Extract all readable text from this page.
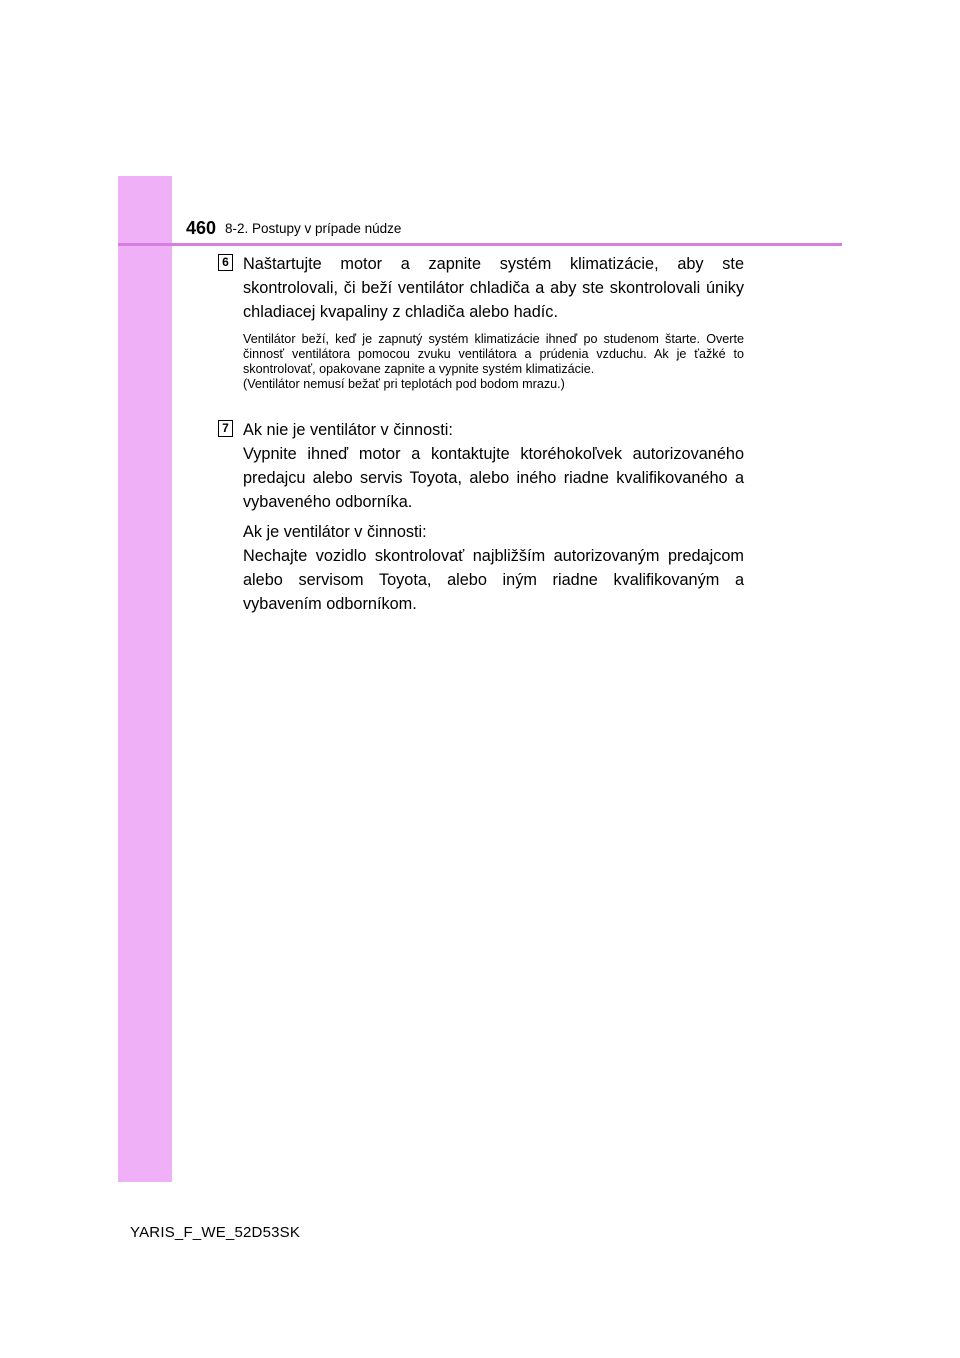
460 8-2. Postupy v prípade núdze
6 Naštartujte motor a zapnite systém klimatizácie, aby ste skontrolovali, či beží ventilátor chladiča a aby ste skontrolovali úniky chladiacej kvapaliny z chladiča alebo hadíc.

Ventilátor beží, keď je zapnutý systém klimatizácie ihneď po studenom štarte. Overte činnosť ventilátora pomocou zvuku ventilátora a prúdenia vzduchu. Ak je ťažké to skontrolovať, opakovane zapnite a vypnite systém klimatizácie.

(Ventilátor nemusí bežať pri teplotách pod bodom mrazu.)

7 Ak nie je ventilátor v činnosti:

Vypnite ihneď motor a kontaktujte ktoréhokoľvek autorizovaného predajcu alebo servis Toyota, alebo iného riadne kvalifikovaného a vybaveného odborníka.

Ak je ventilátor v činnosti:

Nechajte vozidlo skontrolovať najbližším autorizovaným predajcom alebo servisom Toyota, alebo iným riadne kvalifikovaným a vybavením odborníkom.

YARIS_F_WE_52D53SK
